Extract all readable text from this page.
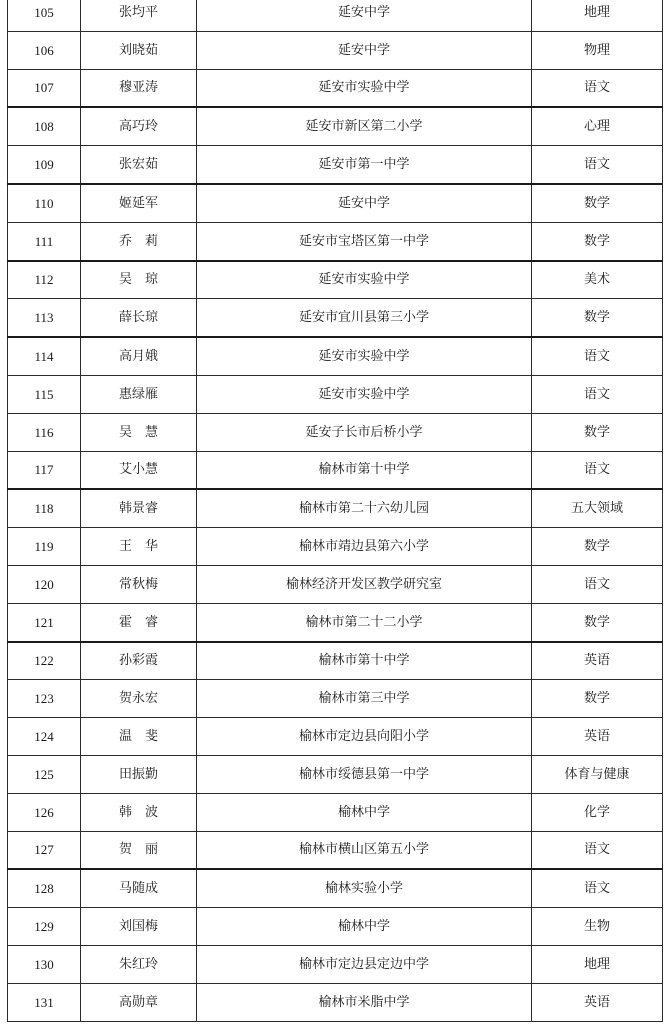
105	张均平	延安中学	地理
106	刘晓茹	延安中学	物理
107	穆亚涛	延安市实验中学	语文
108	高巧玲	延安市新区第二小学	心理
109	张宏茹	延安市第一中学	语文
110	姬延军	延安中学	数学
111	乔　莉	延安市宝塔区第一中学	数学
112	吴　琼	延安市实验中学	美术
113	薛长琼	延安市宜川县第三小学	数学
114	高月娥	延安市实验中学	语文
115	惠绿雁	延安市实验中学	语文
116	吴　慧	延安子长市后桥小学	数学
117	艾小慧	榆林市第十中学	语文
118	韩景睿	榆林市第二十六幼儿园	五大领域
119	王　华	榆林市靖边县第六小学	数学
120	常秋梅	榆林经济开发区教学研究室	语文
121	霍　睿	榆林市第二十二小学	数学
122	孙彩霞	榆林市第十中学	英语
123	贺永宏	榆林市第三中学	数学
124	温　斐	榆林市定边县向阳小学	英语
125	田振勤	榆林市绥德县第一中学	体育与健康
126	韩　波	榆林中学	化学
127	贺　丽	榆林市横山区第五小学	语文
128	马随成	榆林实验小学	语文
129	刘国梅	榆林中学	生物
130	朱红玲	榆林市定边县定边中学	地理
131	高勋章	榆林市米脂中学	英语
